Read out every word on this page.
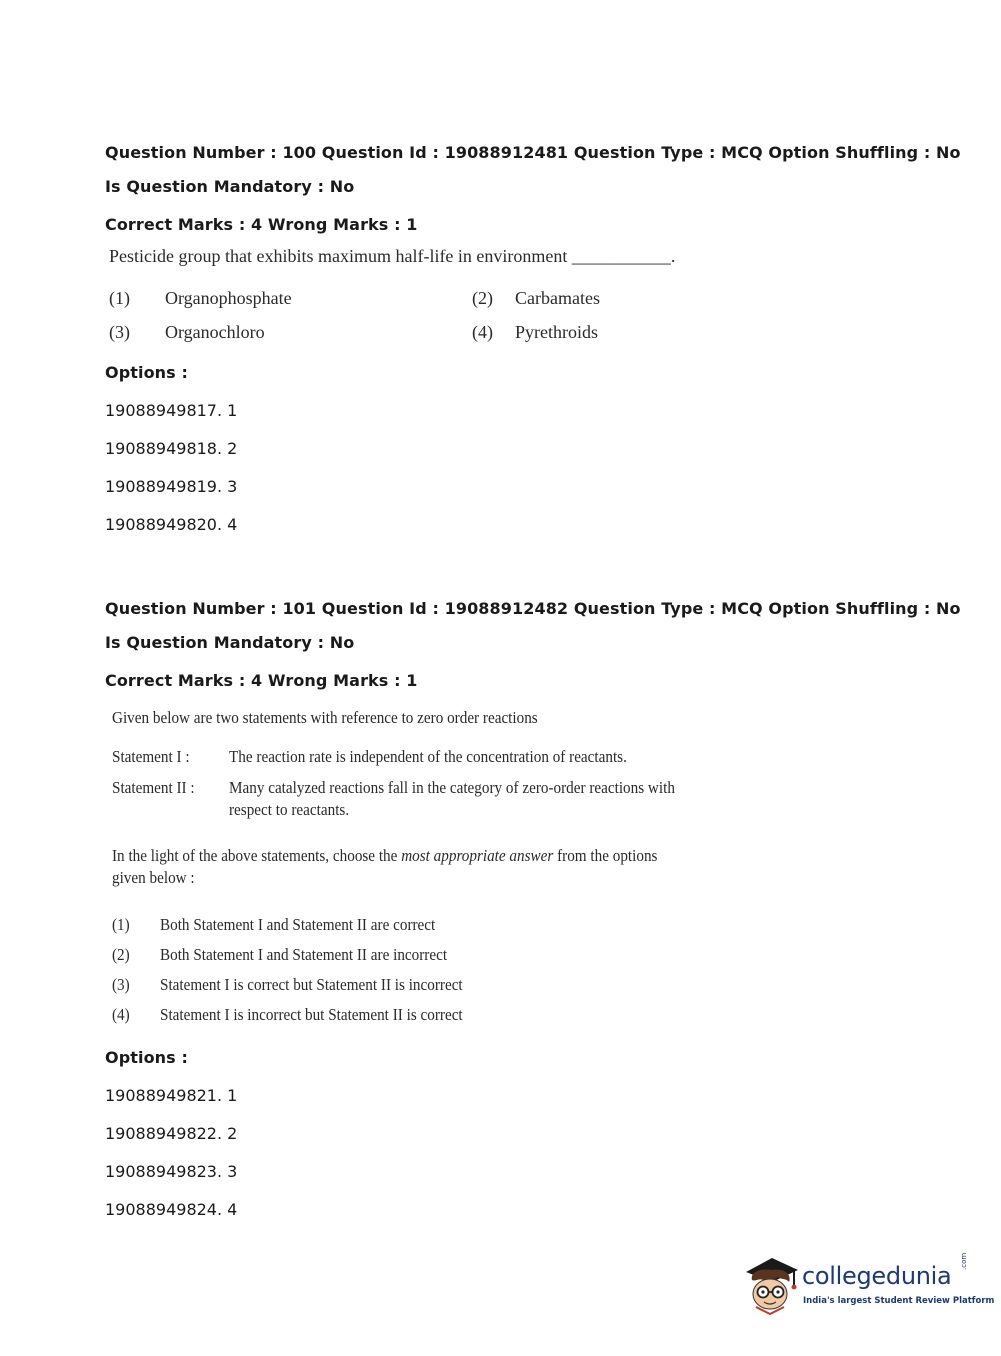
Question Number : 100 Question Id : 19088912481 Question Type : MCQ Option Shuffling : No
Is Question Mandatory : No
Correct Marks : 4 Wrong Marks : 1
Pesticide group that exhibits maximum half-life in environment ___________.
(1) Organophosphate	(2) Carbamates
(3) Organochloro	(4) Pyrethroids
Options :
19088949817. 1
19088949818. 2
19088949819. 3
19088949820. 4
Question Number : 101 Question Id : 19088912482 Question Type : MCQ Option Shuffling : No
Is Question Mandatory : No
Correct Marks : 4 Wrong Marks : 1
Given below are two statements with reference to zero order reactions
Statement I : The reaction rate is independent of the concentration of reactants.
Statement II : Many catalyzed reactions fall in the category of zero-order reactions with
respect to reactants.
In the light of the above statements, choose the most appropriate answer from the options
given below :
(1) Both Statement I and Statement II are correct
(2) Both Statement I and Statement II are incorrect
(3) Statement I is correct but Statement II is incorrect
(4) Statement I is incorrect but Statement II is correct
Options :
19088949821. 1
19088949822. 2
19088949823. 3
19088949824. 4
collegedunia
.com
India's largest Student Review Platform
